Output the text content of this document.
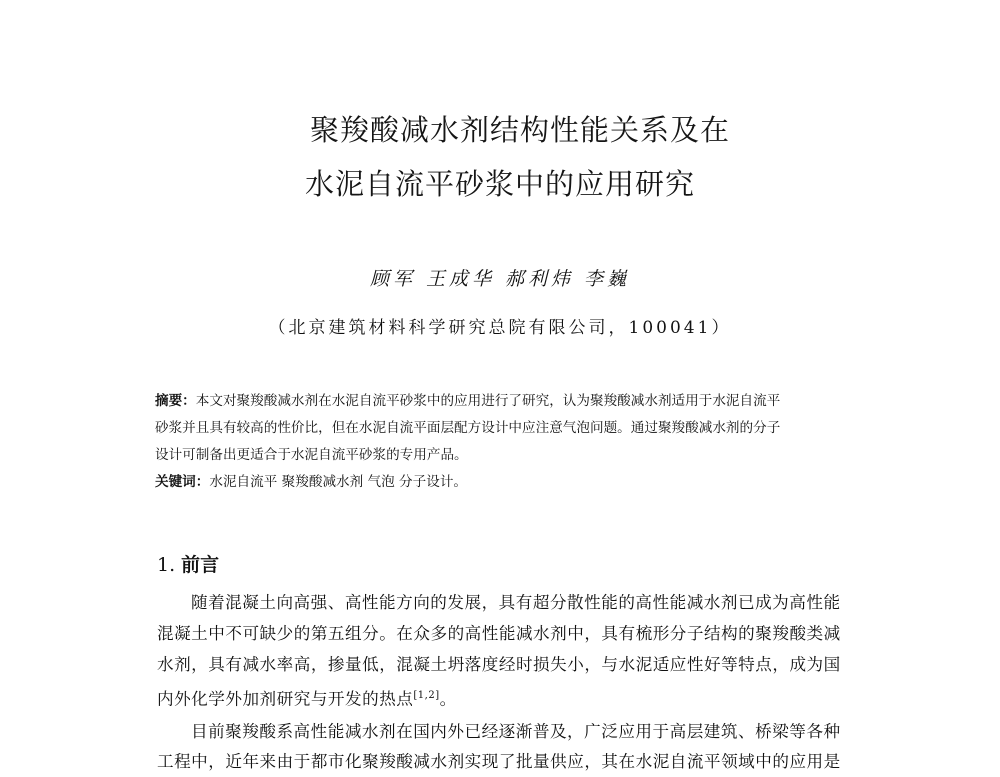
聚羧酸减水剂结构性能关系及在
水泥自流平砂浆中的应用研究
顾军 王成华 郝利炜 李巍
（北京建筑材料科学研究总院有限公司，100041）
摘要：本文对聚羧酸减水剂在水泥自流平砂浆中的应用进行了研究，认为聚羧酸减水剂适用于水泥自流平
砂浆并且具有较高的性价比，但在水泥自流平面层配方设计中应注意气泡问题。通过聚羧酸减水剂的分子
设计可制备出更适合于水泥自流平砂浆的专用产品。
关键词：水泥自流平 聚羧酸减水剂 气泡 分子设计。
1. 前言
随着混凝土向高强、高性能方向的发展，具有超分散性能的高性能减水剂已成为高性能
混凝土中不可缺少的第五组分。在众多的高性能减水剂中，具有梳形分子结构的聚羧酸类减
水剂，具有减水率高，掺量低，混凝土坍落度经时损失小，与水泥适应性好等特点，成为国
内外化学外加剂研究与开发的热点[1,2]。
目前聚羧酸系高性能减水剂在国内外已经逐渐普及，广泛应用于高层建筑、桥梁等各种
工程中，近年来由于都市化聚羧酸减水剂实现了批量供应，其在水泥自流平领域中的应用是
